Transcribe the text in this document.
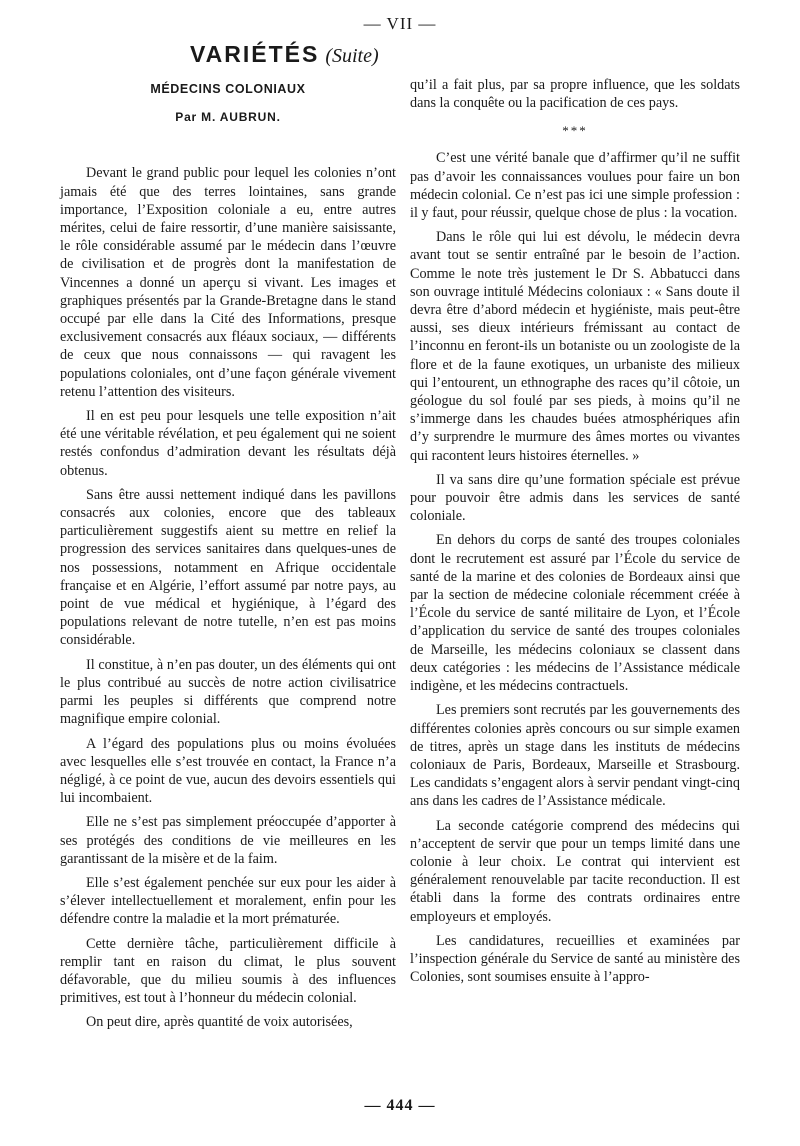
— VII —
VARIÉTÉS (Suite)
MÉDECINS COLONIAUX
Par M. AUBRUN.

Devant le grand public pour lequel les colonies n’ont jamais été que des terres lointaines, sans grande importance, l’Exposition coloniale a eu, entre autres mérites, celui de faire ressortir, d’une manière saisissante, le rôle considérable assumé par le médecin dans l’œuvre de civilisation et de progrès dont la manifestation de Vincennes a donné un aperçu si vivant. Les images et graphiques présentés par la Grande-Bretagne dans le stand occupé par elle dans la Cité des Informations, presque exclusivement consacrés aux fléaux sociaux, — différents de ceux que nous connaissons — qui ravagent les populations coloniales, ont d’une façon générale vivement retenu l’attention des visiteurs.

Il en est peu pour lesquels une telle exposition n’ait été une véritable révélation, et peu également qui ne soient restés confondus d’admiration devant les résultats déjà obtenus.

Sans être aussi nettement indiqué dans les pavillons consacrés aux colonies, encore que des tableaux particulièrement suggestifs aient su mettre en relief la progression des services sanitaires dans quelques-unes de nos possessions, notamment en Afrique occidentale française et en Algérie, l’effort assumé par notre pays, au point de vue médical et hygiénique, à l’égard des populations relevant de notre tutelle, n’en est pas moins considérable.

Il constitue, à n’en pas douter, un des éléments qui ont le plus contribué au succès de notre action civilisatrice parmi les peuples si différents que comprend notre magnifique empire colonial.

A l’égard des populations plus ou moins évoluées avec lesquelles elle s’est trouvée en contact, la France n’a négligé, à ce point de vue, aucun des devoirs essentiels qui lui incombaient.

Elle ne s’est pas simplement préoccupée d’apporter à ses protégés des conditions de vie meilleures en les garantissant de la misère et de la faim.

Elle s’est également penchée sur eux pour les aider à s’élever intellectuellement et moralement, enfin pour les défendre contre la maladie et la mort prématurée.

Cette dernière tâche, particulièrement difficile à remplir tant en raison du climat, le plus souvent défavorable, que du milieu soumis à des influences primitives, est tout à l’honneur du médecin colonial.

On peut dire, après quantité de voix autorisées,

qu’il a fait plus, par sa propre influence, que les soldats dans la conquête ou la pacification de ces pays.

***

C’est une vérité banale que d’affirmer qu’il ne suffit pas d’avoir les connaissances voulues pour faire un bon médecin colonial. Ce n’est pas ici une simple profession : il y faut, pour réussir, quelque chose de plus : la vocation.

Dans le rôle qui lui est dévolu, le médecin devra avant tout se sentir entraîné par le besoin de l’action. Comme le note très justement le Dr S. Abbatucci dans son ouvrage intitulé Médecins coloniaux : « Sans doute il devra être d’abord médecin et hygiéniste, mais peut-être aussi, ses dieux intérieurs frémissant au contact de l’inconnu en feront-ils un botaniste ou un zoologiste de la flore et de la faune exotiques, un urbaniste des milieux qui l’entourent, un ethnographe des races qu’il côtoie, un géologue du sol foulé par ses pieds, à moins qu’il ne s’immerge dans les chaudes buées atmosphériques afin d’y surprendre le murmure des âmes mortes ou vivantes qui racontent leurs histoires éternelles. »

Il va sans dire qu’une formation spéciale est prévue pour pouvoir être admis dans les services de santé coloniale.

En dehors du corps de santé des troupes coloniales dont le recrutement est assuré par l’École du service de santé de la marine et des colonies de Bordeaux ainsi que par la section de médecine coloniale récemment créée à l’École du service de santé militaire de Lyon, et l’École d’application du service de santé des troupes coloniales de Marseille, les médecins coloniaux se classent dans deux catégories : les médecins de l’Assistance médicale indigène, et les médecins contractuels.

Les premiers sont recrutés par les gouvernements des différentes colonies après concours ou sur simple examen de titres, après un stage dans les instituts de médecins coloniaux de Paris, Bordeaux, Marseille et Strasbourg. Les candidats s’engagent alors à servir pendant vingt-cinq ans dans les cadres de l’Assistance médicale.

La seconde catégorie comprend des médecins qui n’acceptent de servir que pour un temps limité dans une colonie à leur choix. Le contrat qui intervient est généralement renouvelable par tacite reconduction. Il est établi dans la forme des contrats ordinaires entre employeurs et employés.

Les candidatures, recueillies et examinées par l’inspection générale du Service de santé au ministère des Colonies, sont soumises ensuite à l’appro-

— 444 —
